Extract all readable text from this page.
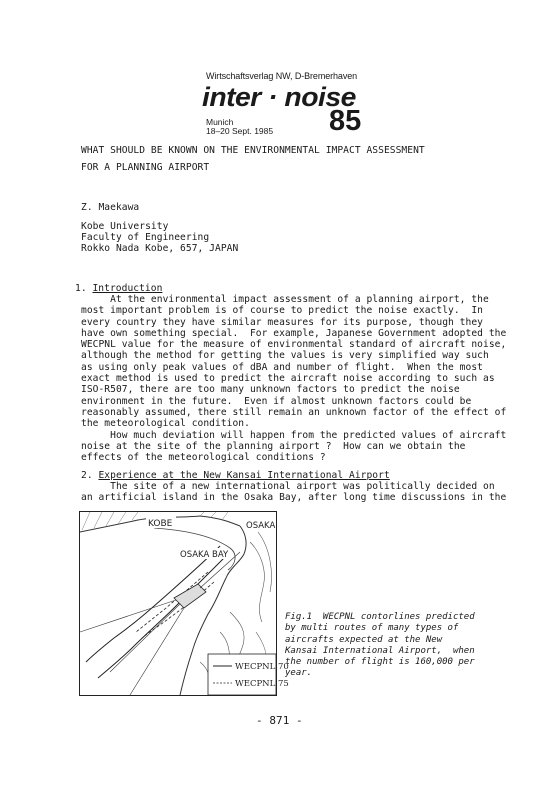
Wirtschaftsverlag NW, D-Bremerhaven
inter · noise
Munich
18–20 Sept. 1985 85
WHAT SHOULD BE KNOWN ON THE ENVIRONMENTAL IMPACT ASSESSMENT
FOR A PLANNING AIRPORT
Z. Maekawa
Kobe University
Faculty of Engineering
Rokko Nada Kobe, 657, JAPAN
1. Introduction
At the environmental impact assessment of a planning airport, the
most important problem is of course to predict the noise exactly.  In
every country they have similar measures for its purpose, though they
have own something special.  For example, Japanese Government adopted the
WECPNL value for the measure of environmental standard of aircraft noise,
although the method for getting the values is very simplified way such
as using only peak values of dBA and number of flight.  When the most
exact method is used to predict the aircraft noise according to such as
ISO-R507, there are too many unknown factors to predict the noise
environment in the future.  Even if almost unknown factors could be
reasonably assumed, there still remain an unknown factor of the effect of
the meteorological condition.
How much deviation will happen from the predicted values of aircraft
noise at the site of the planning airport ?  How can we obtain the
effects of the meteorological conditions ?
2. Experience at the New Kansai International Airport
The site of a new international airport was politically decided on
an artificial island in the Osaka Bay, after long time discussions in the
KOBE	OSAKA
OSAKA BAY
WECPNL 70
WECPNL 75
Fig.1  WECPNL contorlines predicted
by multi routes of many types of
aircrafts expected at the New
Kansai International Airport,  when
the number of flight is 160,000 per
year.
- 871 -
